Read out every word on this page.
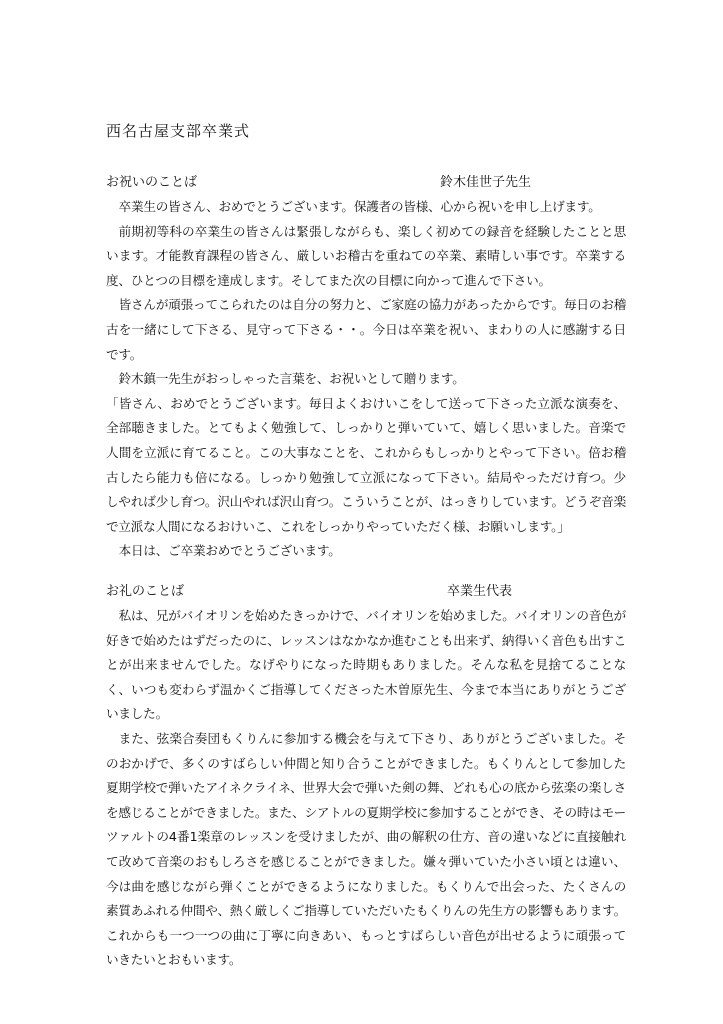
西名古屋支部卒業式
お祝いのことば	鈴木佳世子先生

卒業生の皆さん、おめでとうございます。保護者の皆様、心から祝いを申し上げます。

前期初等科の卒業生の皆さんは緊張しながらも、楽しく初めての録音を経験したことと思います。才能教育課程の皆さん、厳しいお稽古を重ねての卒業、素晴しい事です。卒業する度、ひとつの目標を達成します。そしてまた次の目標に向かって進んで下さい。

皆さんが頑張ってこられたのは自分の努力と、ご家庭の協力があったからです。毎日のお稽古を一緒にして下さる、見守って下さる・・。今日は卒業を祝い、まわりの人に感謝する日です。

鈴木鎮一先生がおっしゃった言葉を、お祝いとして贈ります。

「皆さん、おめでとうございます。毎日よくおけいこをして送って下さった立派な演奏を、全部聴きました。とてもよく勉強して、しっかりと弾いていて、嬉しく思いました。音楽で人間を立派に育てること。この大事なことを、これからもしっかりとやって下さい。倍お稽古したら能力も倍になる。しっかり勉強して立派になって下さい。結局やっただけ育つ。少しやれば少し育つ。沢山やれば沢山育つ。こういうことが、はっきりしています。どうぞ音楽で立派な人間になるおけいこ、これをしっかりやっていただく様、お願いします。」

本日は、ご卒業おめでとうございます。

お礼のことば	卒業生代表

私は、兄がバイオリンを始めたきっかけで、バイオリンを始めました。バイオリンの音色が好きで始めたはずだったのに、レッスンはなかなか進むことも出来ず、納得いく音色も出すことが出来ませんでした。なげやりになった時期もありました。そんな私を見捨てることなく、いつも変わらず温かくご指導してくださった木曽原先生、今まで本当にありがとうございました。

また、弦楽合奏団もくりんに参加する機会を与えて下さり、ありがとうございました。そのおかげで、多くのすばらしい仲間と知り合うことができました。もくりんとして参加した夏期学校で弾いたアイネクライネ、世界大会で弾いた剣の舞、どれも心の底から弦楽の楽しさを感じることができました。また、シアトルの夏期学校に参加することができ、その時はモーツァルトの4番1楽章のレッスンを受けましたが、曲の解釈の仕方、音の違いなどに直接触れて改めて音楽のおもしろさを感じることができました。嫌々弾いていた小さい頃とは違い、今は曲を感じながら弾くことができるようになりました。もくりんで出会った、たくさんの素質あふれる仲間や、熱く厳しくご指導していただいたもくりんの先生方の影響もあります。これからも一つ一つの曲に丁寧に向きあい、もっとすばらしい音色が出せるように頑張っていきたいとおもいます。
